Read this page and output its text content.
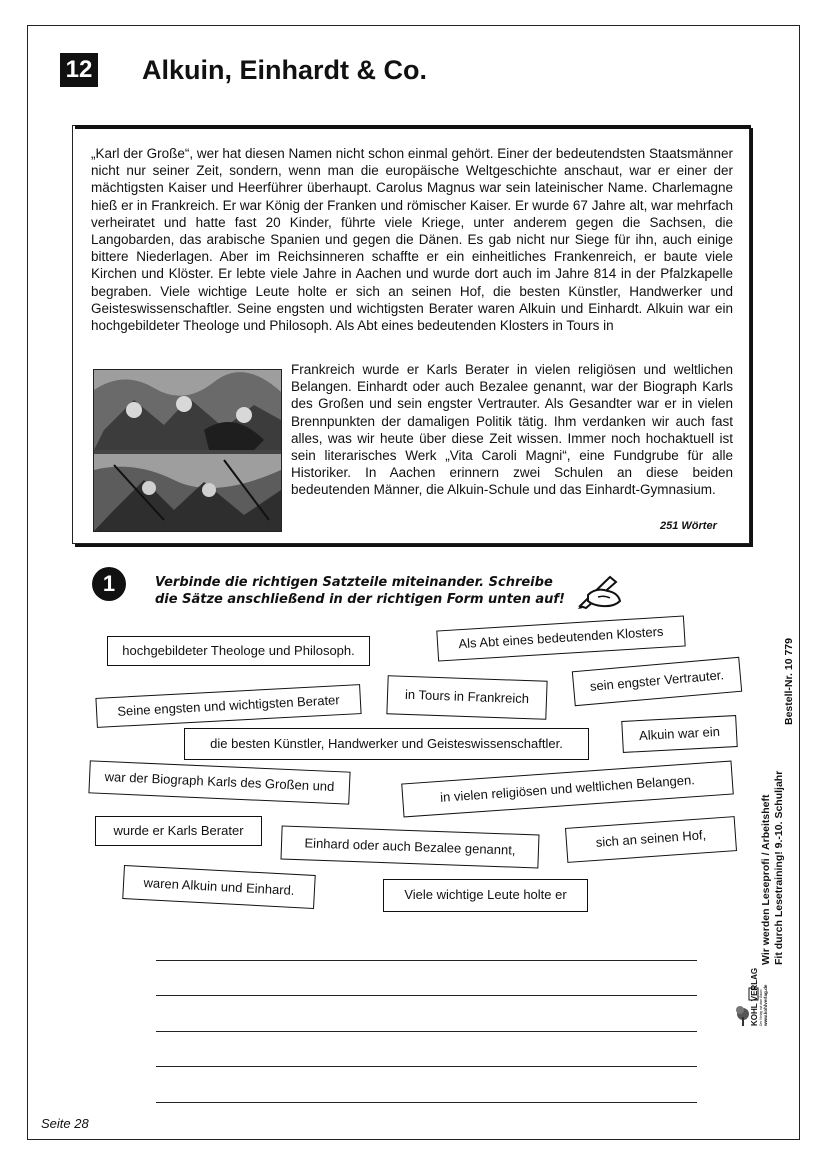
12 Alkuin, Einhardt & Co.
„Karl der Große“, wer hat diesen Namen nicht schon einmal gehört. Einer der bedeutendsten Staatsmänner nicht nur seiner Zeit, sondern, wenn man die europäische Weltgeschichte anschaut, war er einer der mächtigsten Kaiser und Heerführer überhaupt. Carolus Magnus war sein lateinischer Name. Charlemagne hieß er in Frankreich. Er war König der Franken und römischer Kaiser. Er wurde 67 Jahre alt, war mehrfach verheiratet und hatte fast 20 Kinder, führte viele Kriege, unter anderem gegen die Sachsen, die Langobarden, das arabische Spanien und gegen die Dänen. Es gab nicht nur Siege für ihn, auch einige bittere Niederlagen. Aber im Reichsinneren schaffte er ein einheitliches Frankenreich, er baute viele Kirchen und Klöster. Er lebte viele Jahre in Aachen und wurde dort auch im Jahre 814 in der Pfalzkapelle begraben. Viele wichtige Leute holte er sich an seinen Hof, die besten Künstler, Handwerker und Geisteswissenschaftler. Seine engsten und wichtigsten Berater waren Alkuin und Einhardt. Alkuin war ein hochgebildeter Theologe und Philosoph. Als Abt eines bedeutenden Klosters in Tours in
Frankreich wurde er Karls Berater in vielen religiösen und weltlichen Belangen. Einhardt oder auch Bezalee genannt, war der Biograph Karls des Großen und sein engster Vertrauter. Als Gesandter war er in vielen Brennpunkten der damaligen Politik tätig. Ihm verdanken wir auch fast alles, was wir heute über diese Zeit wissen. Immer noch hochaktuell ist sein literarisches Werk „Vita Caroli Magni“, eine Fundgrube für alle Historiker. In Aachen erinnern zwei Schulen an diese beiden bedeutenden Männer, die Alkuin-Schule und das Einhardt-Gymnasium.
251 Wörter
1	Verbinde die richtigen Satzteile miteinander. Schreibe
die Sätze anschließend in der richtigen Form unten auf!
hochgebildeter Theologe und Philosoph.	Als Abt eines bedeutenden Klosters
Seine engsten und wichtigsten Berater	in Tours in Frankreich
sein engster Vertrauter.
die besten Künstler, Handwerker und Geisteswissenschaftler.
Alkuin war ein
war der Biograph Karls des Großen und	in vielen religiösen und weltlichen Belangen.
wurde er Karls Berater
Einhard oder auch Bezalee genannt,	sich an seinen Hof,
waren Alkuin und Einhard.	Viele wichtige Leute holte er
Bestell-Nr. 10 779
Wir werden Leseprofi / Arbeitsheft Fit durch Lesetraining! 9.-10. Schuljahr
KOHL VERLAG Der Verlag mit dem Baum www.kohlverlag.de
Seite 28
